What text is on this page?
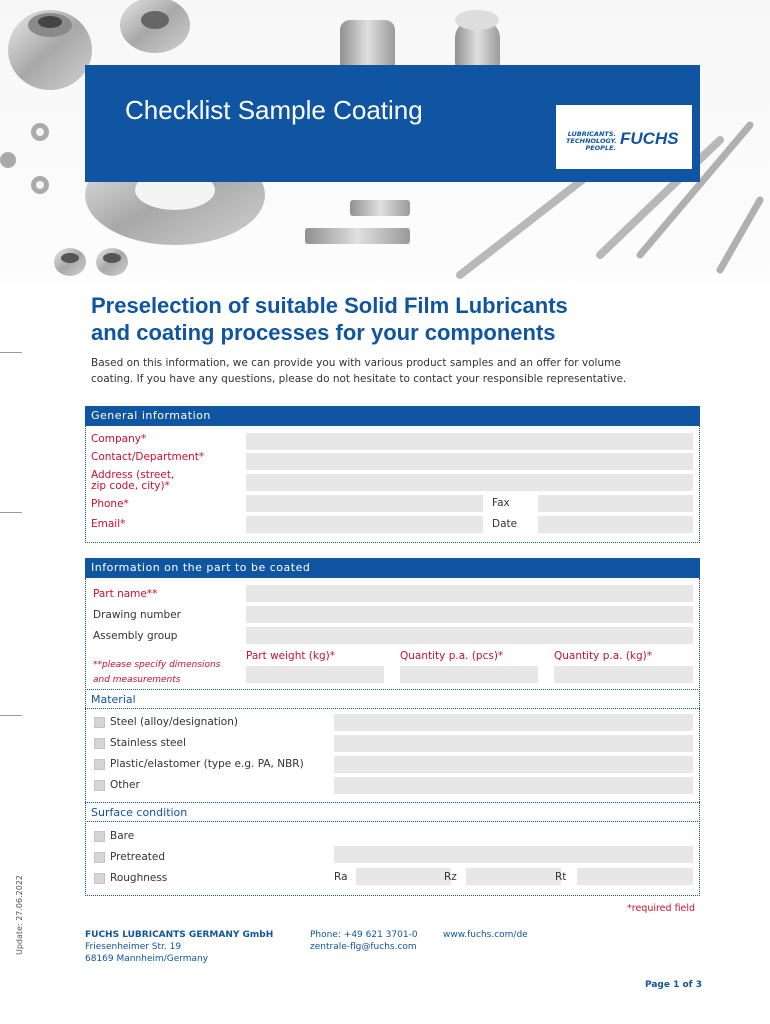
Checklist Sample Coating
LUBRICANTS.
TECHNOLOGY.
PEOPLE. FUCHS
Preselection of suitable Solid Film Lubricants
and coating processes for your components
Based on this information, we can provide you with various product samples and an offer for volume
coating. If you have any questions, please do not hesitate to contact your responsible representative.
General information
Company*
Contact/Department*
Address (street,
zip code, city)*
Phone*	Fax
Email*	Date
Information on the part to be coated
Part name**
Drawing number
Assembly group
**please specify dimensions
and measurements
Part weight (kg)*	Quantity p.a. (pcs)*	Quantity p.a. (kg)*
Material
Steel (alloy/designation)
Stainless steel
Plastic/elastomer (type e.g. PA, NBR)
Other
Surface condition
Bare
Pretreated
Roughness	Ra	Rz	Rt
*required field
Update: 27.06.2022	FUCHS LUBRICANTS GERMANY GmbH
Friesenheimer Str. 19
68169 Mannheim/Germany
Phone: +49 621 3701-0
zentrale-flg@fuchs.com
www.fuchs.com/de
Page 1 of 3
